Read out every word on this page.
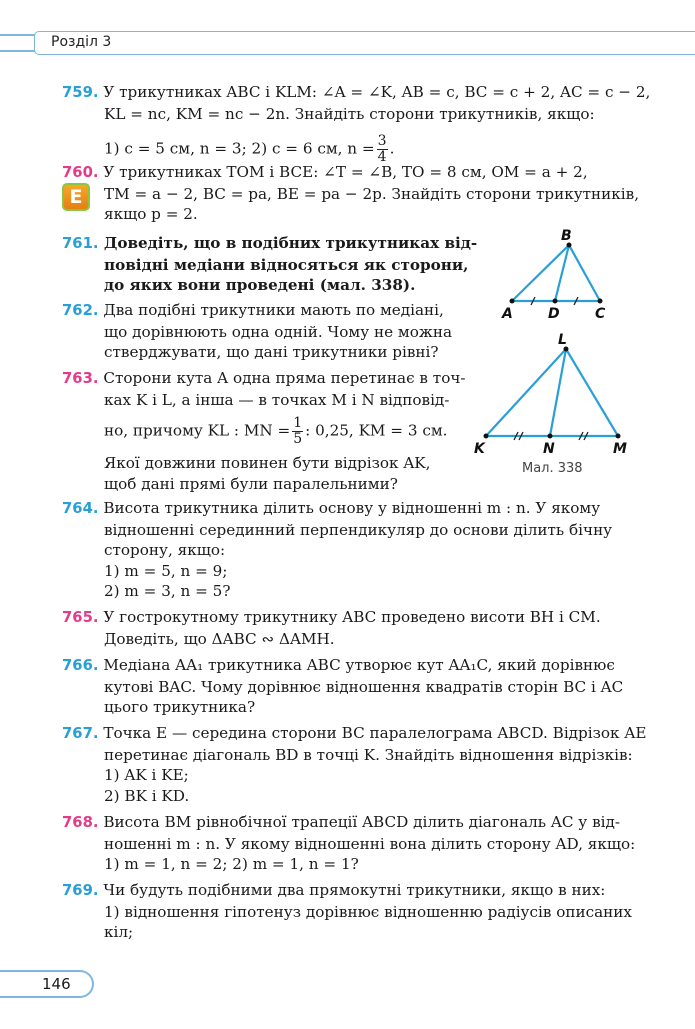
Розділ 3
759. У трикутниках ABC і KLM: ∠A = ∠K, AB = c, BC = c + 2, AC = c − 2,
KL = nc, KM = nc − 2n. Знайдіть сторони трикутників, якщо:
1) c = 5 см, n = 3; 2) c = 6 см, $n = \frac{3}{4}$ .
760. У трикутниках TOM і BCE: ∠T = ∠B, TO = 8 см, OM = a + 2,
TM = a − 2, BC = pa, BE = pa − 2p. Знайдіть сторони трикутників,
якщо p = 2.
E
761. Доведіть, що в подібних трикутниках від-
повідні медіани відносяться як сторони,
до яких вони проведені (мал. 338).
762. Два подібні трикутники мають по медіані,
що дорівнюють одна одній. Чому не можна
стверджувати, що дані трикутники рівні?
763. Сторони кута A одна пряма перетинає в точ-
ках K і L, а інша — в точках M і N відповід-
но, причому KL : MN = $\frac{1}{5}$ : 0,25, KM = 3 см.
Якої довжини повинен бути відрізок AK,
щоб дані прямі були паралельними?
B
A	D	C
L
K	N	M
Мал. 338
764. Висота трикутника ділить основу у відношенні m : n. У якому
відношенні серединний перпендикуляр до основи ділить бічну
сторону, якщо:
1) m = 5, n = 9;
2) m = 3, n = 5?
765. У гострокутному трикутнику ABC проведено висоти BH і CM.
Доведіть, що ΔABC ∾ ΔAMH.
766. Медіана AA₁ трикутника ABC утворює кут AA₁C, який дорівнює
кутові BAC. Чому дорівнює відношення квадратів сторін BC і AC
цього трикутника?
767. Точка E — середина сторони BC паралелограма ABCD. Відрізок AE
перетинає діагональ BD в точці K. Знайдіть відношення відрізків:
1) AK і KE;
2) BK і KD.
768. Висота BM рівнобічної трапеції ABCD ділить діагональ AC у від-
ношенні m : n. У якому відношенні вона ділить сторону AD, якщо:
1) m = 1, n = 2; 2) m = 1, n = 1?
769. Чи будуть подібними два прямокутні трикутники, якщо в них:
1) відношення гіпотенуз дорівнює відношенню радіусів описаних
кіл;
146
